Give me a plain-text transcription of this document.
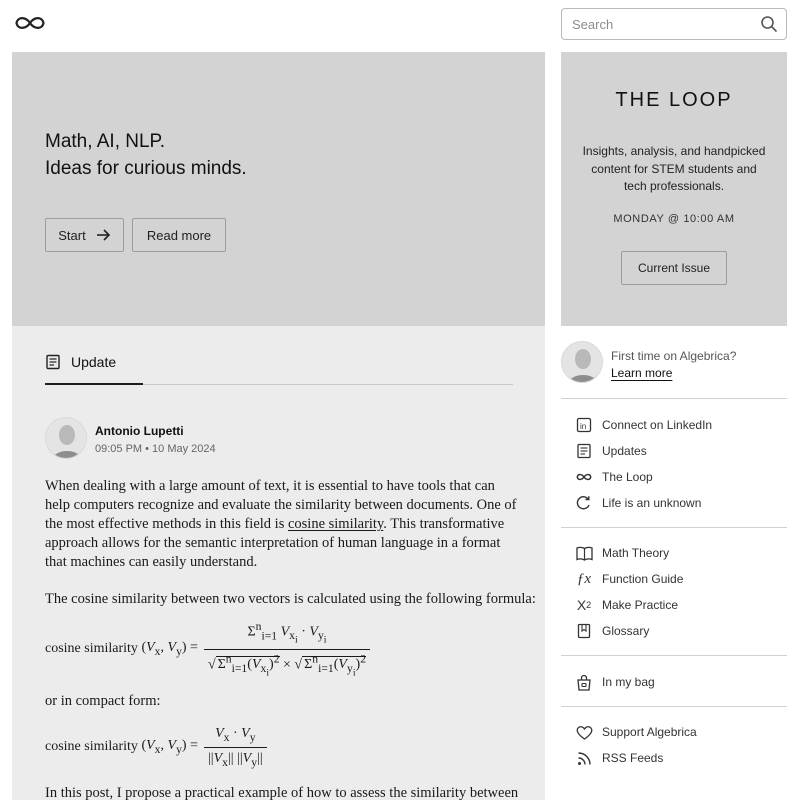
Search
Math, AI, NLP.
Ideas for curious minds.
Start	Read more
THE LOOP
Insights, analysis, and handpicked content for STEM students and tech professionals.
MONDAY @ 10:00 AM
Current Issue
Update
Antonio Lupetti
09:05 PM • 10 May 2024

When dealing with a large amount of text, it is essential to have tools that can help computers recognize and evaluate the similarity between documents. One of the most effective methods in this field is cosine similarity. This transformative approach allows for the semantic interpretation of human language in a format that machines can easily understand.

The cosine similarity between two vectors is calculated using the following formula:

cosine similarity ($V_x$, $V_y) = \frac{\Sigma^n_{i=1} V_{x_i} \cdot V_{y_i}}{√ \Sigma^n_{i=1}(V_{x_i})^2 \times √ \Sigma^n_{i=1}(V_{y_i})^2}$

or in compact form:

cosine similarity ($V_x$, $V_y) = \frac{V_x \cdot V_y}{||V_x|| ||V_y||}$

In this post, I propose a practical example of how to assess the similarity between

First time on Algebrica?
Learn more
in Connect on LinkedIn
Updates
The Loop
Life is an unknown
Math Theory
ƒx Function Guide
X 2 Make Practice
Glossary
In my bag
Support Algebrica
RSS Feeds
